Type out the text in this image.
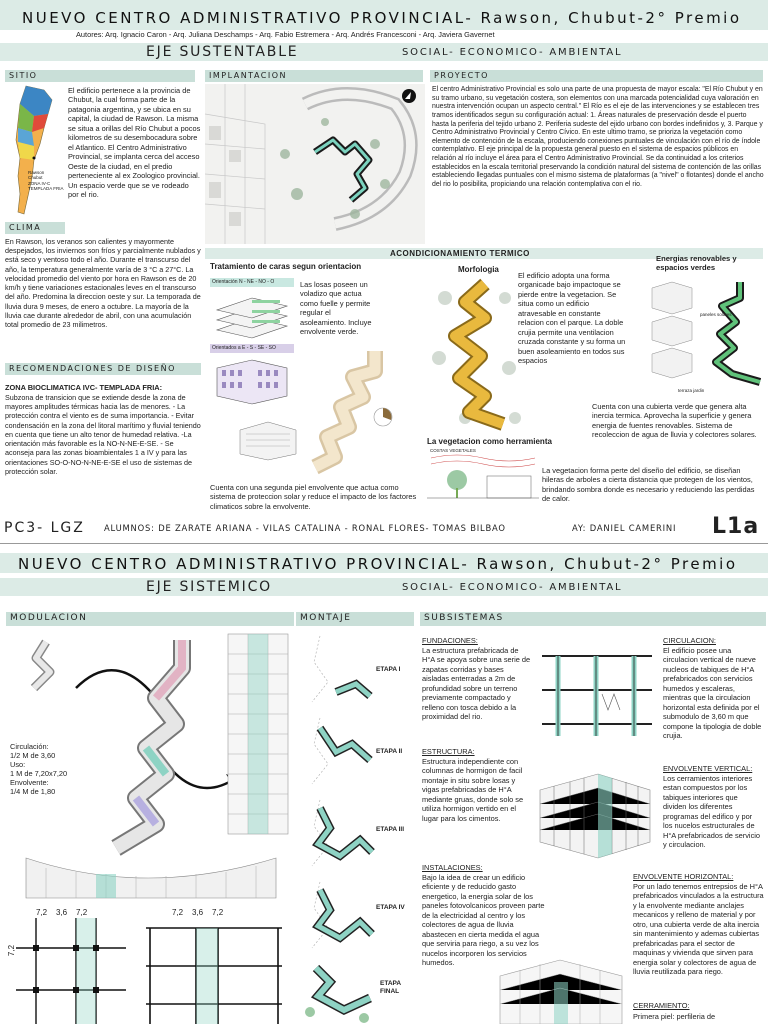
NUEVO CENTRO ADMINISTRATIVO PROVINCIAL- Rawson, Chubut-2° Premio
Autores: Arq. Ignacio Caron - Arq. Juliana Deschamps - Arq. Fabio Estremera - Arq. Andrés Francesconi - Arq. Javiera Gavernet
EJE SUSTENTABLE	SOCIAL- ECONOMICO- AMBIENTAL
SITIO
Rawson
Chubut
ZONA IV-C
TEMPLADA FRIA
El edificio pertenece a la provincia de Chubut, la cual forma parte de la patagonia argentina, y se ubica en su capital, la ciudad de Rawson. La misma se situa a orillas del Río Chubut a pocos kilometros de su desembocadura sobre el Atlantico. El Centro Administrativo Provincial, se implanta cerca del acceso Oeste de la ciudad, en el predio perteneciente al ex Zoologico provincial. Un espacio verde que se ve rodeado por el rio.
IMPLANTACION	PROYECTO
El centro Administrativo Provincial es solo una parte de una propuesta de mayor escala: "El Río Chubut y en su tramo urbano, su vegetación costera, son elementos con una marcada potencialidad cuya valoración en nuestra intervención ocupan un aspecto central." El Río es el eje de las intervenciones y se establecen tres tramos identificados segun su configuración actual: 1. Áreas naturales de preservación desde el puerto hasta la periferia del tejido urbano 2. Periferia sudeste del ejido urbano con bordes indefinidos y, 3. Parque y Centro Administrativo Provincial y Centro Cívico. En este ultimo tramo, se prioriza la vegetación como elemento de contención de la escala, produciendo conexiones puntuales de vinculación con el río de índole contemplativo. El eje principal de la propuesta general puesto en el sistema de espacios públicos en relación al río incluye el área para el Centro Administrativo Provincial. Se da continuidad a los criterios establecidos en la escala territorial preservando la condición natural del sistema de contención de las orillas estableciendo llegadas puntuales con el mismo sistema de plataformas (a "nivel" o flotantes) donde el ancho del rio lo posibilita, propiciando una relación contemplativa con el rio.
CLIMA
En Rawson, los veranos son calientes y mayormente despejados, los inviernos son fríos y parcialmente nublados y está seco y ventoso todo el año. Durante el transcurso del año, la temperatura generalmente varía de 3 °C a 27°C. La velocidad promedio del viento por hora en Rawson es de 20 km/h y tiene variaciones estacionales leves en el transcurso del año. Predomina la direccion oeste y sur. La temporada de lluvia dura 9 meses, de enero a octubre. La mayoría de la lluvia cae durante alrededor de abril, con una acumulación total promedio de 23 milimetros.
RECOMENDACIONES DE DISEÑO
ZONA BIOCLIMATICA IVC- TEMPLADA FRIA:
Subzona de transicion que se extiende desde la zona de mayores amplitudes térmicas hacia las de menores. - La protección contra el viento es de suma importancia. - Evitar condensación en la zona del litoral marítimo y fluvial teniendo en cuenta que tiene un alto tenor de humedad relativa. -La orientación más favorable es la NO-N-NE-E-SE. - Se aconseja para las zonas bioambientales 1 a IV y para las orientaciones SO-O-NO-N-NE-E-SE el uso de sistemas de protección solar.
ACONDICIONAMIENTO TERMICO
Tratamiento de caras segun orientacion
Orientación N - NE - NO - O
Orientados a E - S - SE - SO
Las losas poseen un voladizo que actua como fuelle y permite regular el asoleamiento. Incluye envolvente verde.
Cuenta con una segunda piel envolvente que actua como sistema de proteccion solar y reduce el impacto de los factores climaticos sobre la envolvente.
Morfologia
El edificio adopta una forma organicade bajo impactoque se pierde entre la vegetacion. Se situa como un edificio atravesable en constante relacion con el parque. La doble crujia permite una ventilacion cruzada constante y su forma un buen asoleamiento en todos sus espacios
Energias renovables y espacios verdes
paneles solares
terraza jardin
Cuenta con una cubierta verde que genera alta inercia termica. Aprovecha la superficie y genera energia de fuentes renovables. Sistema de recoleccion de agua de lluvia y colectores solares.
La vegetacion como herramienta
COSTAS VEGETALES
La vegetacion forma perte del diseño del edificio, se diseñan hileras de arboles a cierta distancia que protegen de los vientos, brindando sombra donde es necesario y reduciendo las perdidas de calor.
PC3- LGZ ALUMNOS: DE ZARATE ARIANA - VILAS CATALINA - RONAL FLORES- TOMAS BILBAO	AY: DANIEL CAMERINI L1a
NUEVO CENTRO ADMINISTRATIVO PROVINCIAL- Rawson, Chubut-2° Premio
EJE SISTEMICO	SOCIAL- ECONOMICO- AMBIENTAL
MODULACION
Circulación:
1/2 M de 3,60
Uso:
1 M de 7,20x7,20
Envolvente:
1/4 M de 1,80
7,2    3,6    7,2	7,2    3,6    7,2
7,2
MONTAJE
ETAPA I
ETAPA II
ETAPA III
ETAPA IV
ETAPA FINAL
SUBSISTEMAS
FUNDACIONES:
La estructura prefabricada de H°A se apoya sobre una serie de zapatas corridas y bases aisladas enterradas a 2m de profundidad sobre un terreno previamente compactado y relleno con tosca debido a la proximidad del rio.
ESTRUCTURA:
Estructura independiente con columnas de hormigon de facil montaje in situ sobre losas y vigas prefabricadas de H°A mediante gruas, donde solo se utiliza hormigon vertido en el lugar para los cimentos.
INSTALACIONES:
Bajo la idea de crear un edificio eficiente y de reducido gasto energetico, la energia solar de los paneles fotovolcanicos proveen parte de la electricidad al centro y los colectores de agua de lluvia abastecen en cierta medida el agua que serviria para riego, a su vez los nucelos incorporen los servicios humedos.
CIRCULACION:
El edificio posee una circulacion vertical de nueve nucleos de tabiques de H°A prefabricados con servicios humedos y escaleras, mientras que la circulacion horizontal esta definida por el submodulo de 3,60 m que compone la tipologia de doble crujia.
ENVOLVENTE VERTICAL:
Los cerramientos interiores estan compuestos por los tabiques interiores que dividen los diferentes programas del edifico y por los nucelos estructurales de H°A prefabricados de servicio y circulacion.
ENVOLVENTE HORIZONTAL:
Por un lado tenemos entrepsios de H°A prefabricados vinculados a la estructura y la envolvente mediante anclajes mecanicos y relleno de material y por otro, una cubierta verde de alta inercia sin mantenimiento y ademas cubiertas prefabricadas para el sector de maquinas y vivienda que sirven para energia solar y colectores de agua de lluvia reutilizada para riego.
CERRAMIENTO:
Primera piel: perfileria de
